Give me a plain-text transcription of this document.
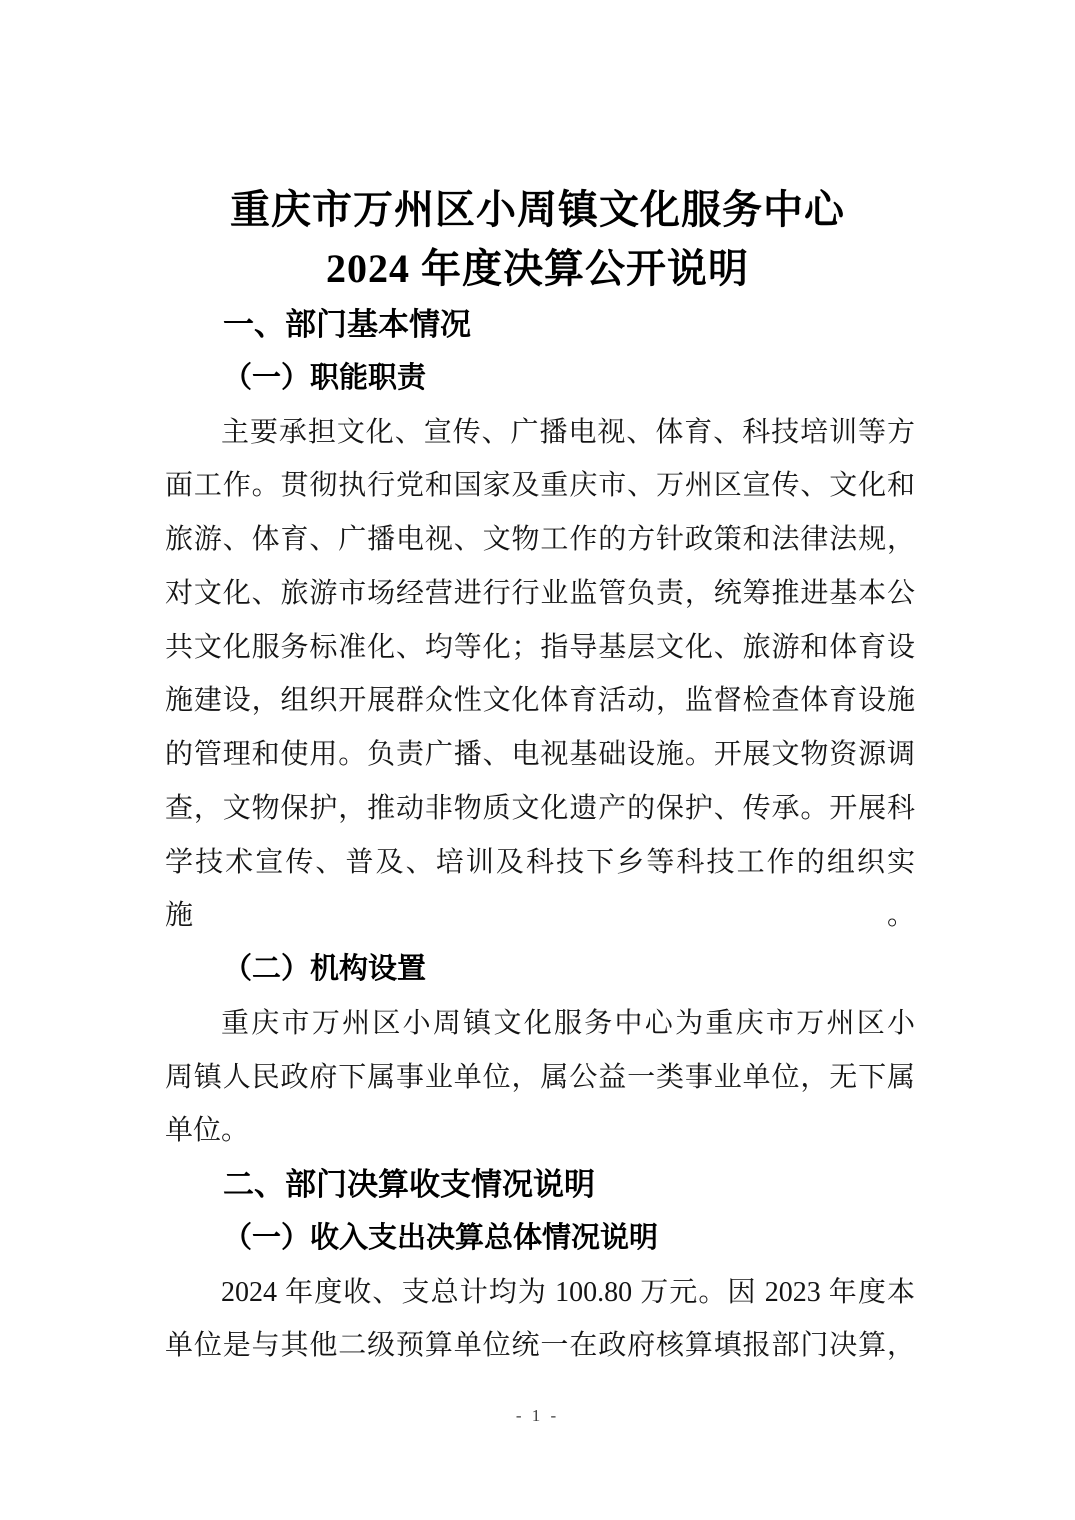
重庆市万州区小周镇文化服务中心
2024 年度决算公开说明
一、部门基本情况
（一）职能职责
主要承担文化、宣传、广播电视、体育、科技培训等方
面工作。贯彻执行党和国家及重庆市、万州区宣传、文化和
旅游、体育、广播电视、文物工作的方针政策和法律法规，
对文化、旅游市场经营进行行业监管负责，统筹推进基本公
共文化服务标准化、均等化；指导基层文化、旅游和体育设
施建设，组织开展群众性文化体育活动，监督检查体育设施
的管理和使用。负责广播、电视基础设施。开展文物资源调
查，文物保护，推动非物质文化遗产的保护、传承。开展科
学技术宣传、普及、培训及科技下乡等科技工作的组织实施。
（二）机构设置
重庆市万州区小周镇文化服务中心为重庆市万州区小
周镇人民政府下属事业单位，属公益一类事业单位，无下属
单位。
二、部门决算收支情况说明
（一）收入支出决算总体情况说明
2024 年度收、支总计均为 100.80 万元。因 2023 年度本
单位是与其他二级预算单位统一在政府核算填报部门决算，
- 1 -
